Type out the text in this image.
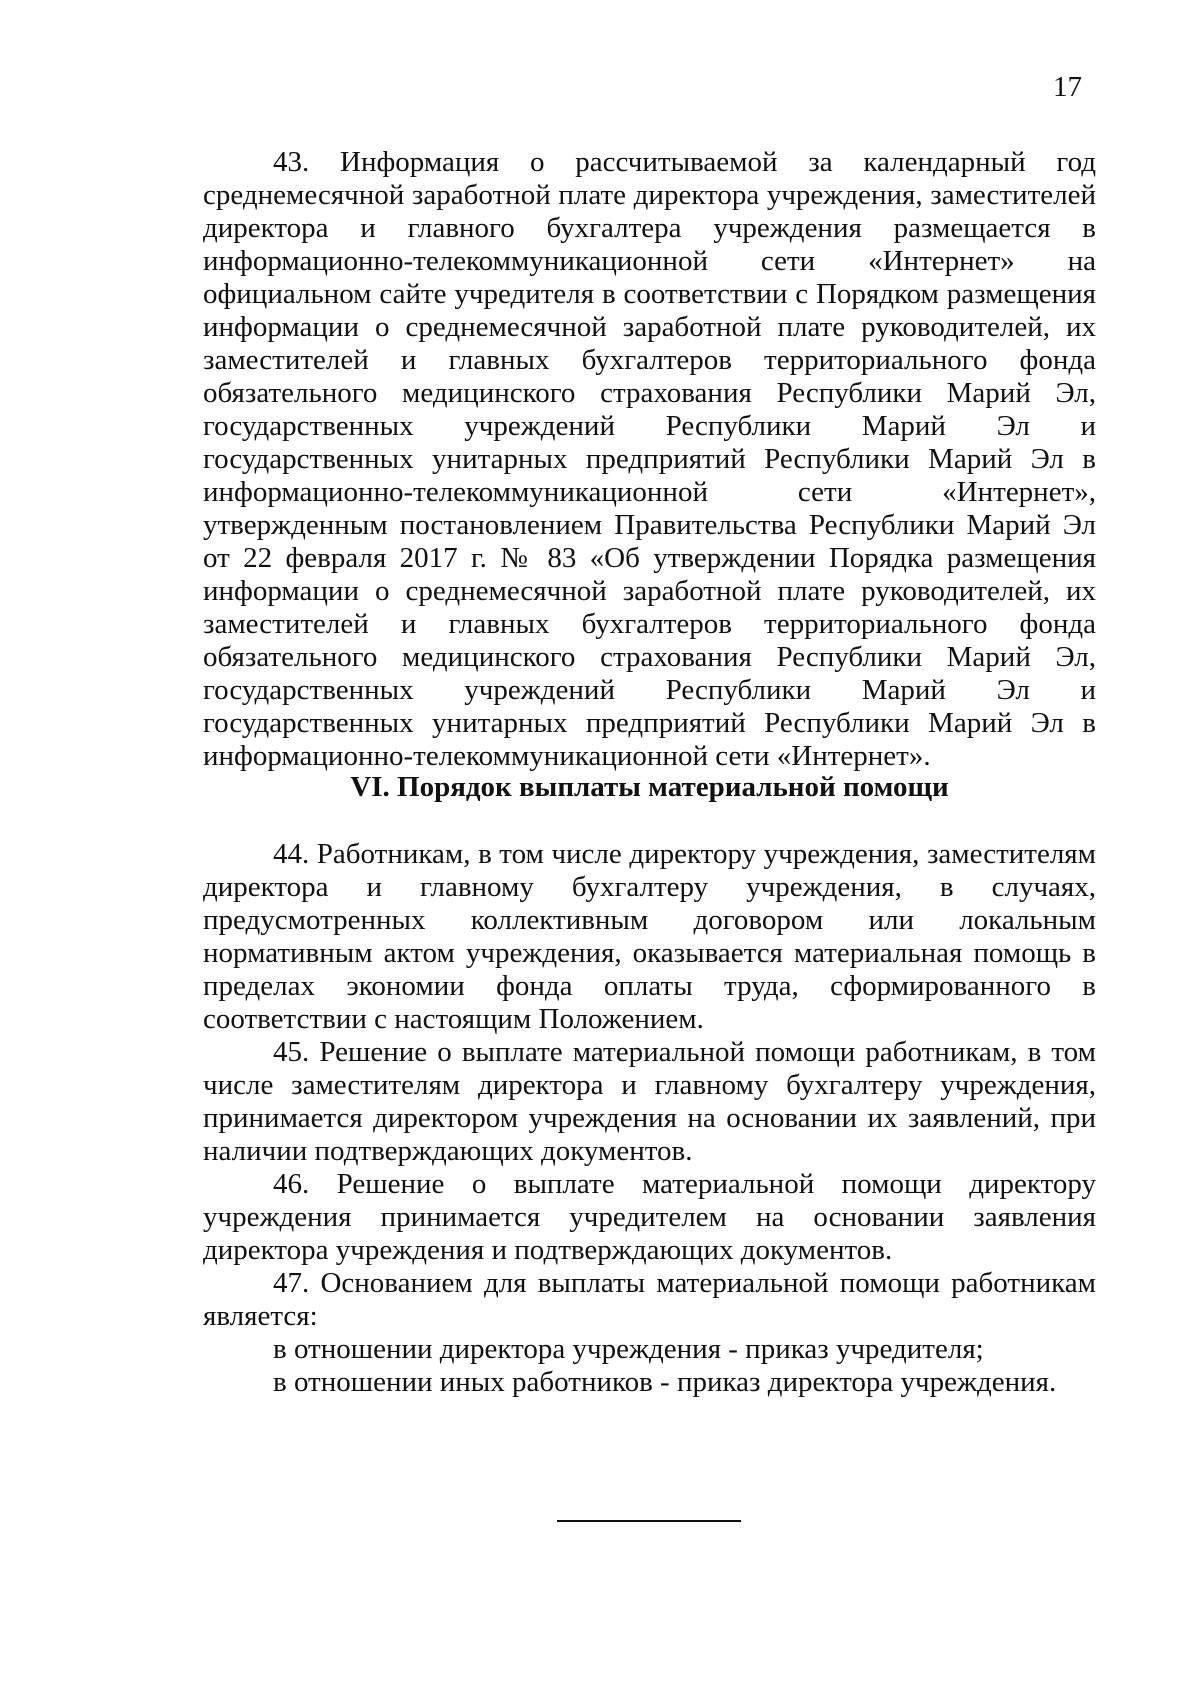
17

43. Информация о рассчитываемой за календарный год среднемесячной заработной плате директора учреждения, заместителей директора и главного бухгалтера учреждения размещается в информационно-телекоммуникационной сети «Интернет» на официальном сайте учредителя в соответствии с Порядком размещения информации о среднемесячной заработной плате руководителей, их заместителей и главных бухгалтеров территориального фонда обязательного медицинского страхования Республики Марий Эл, государственных учреждений Республики Марий Эл и государственных унитарных предприятий Республики Марий Эл в информационно-телекоммуникационной сети «Интернет», утвержденным постановлением Правительства Республики Марий Эл от 22 февраля 2017 г. № 83 «Об утверждении Порядка размещения информации о среднемесячной заработной плате руководителей, их заместителей и главных бухгалтеров территориального фонда обязательного медицинского страхования Республики Марий Эл, государственных учреждений Республики Марий Эл и государственных унитарных предприятий Республики Марий Эл в информационно-телекоммуникационной сети «Интернет».

VI. Порядок выплаты материальной помощи

44. Работникам, в том числе директору учреждения, заместителям директора и главному бухгалтеру учреждения, в случаях, предусмотренных коллективным договором или локальным нормативным актом учреждения, оказывается материальная помощь в пределах экономии фонда оплаты труда, сформированного в соответствии с настоящим Положением.

45. Решение о выплате материальной помощи работникам, в том числе заместителям директора и главному бухгалтеру учреждения, принимается директором учреждения на основании их заявлений, при наличии подтверждающих документов.

46. Решение о выплате материальной помощи директору учреждения принимается учредителем на основании заявления директора учреждения и подтверждающих документов.

47. Основанием для выплаты материальной помощи работникам является:

в отношении директора учреждения - приказ учредителя;

в отношении иных работников - приказ директора учреждения.
